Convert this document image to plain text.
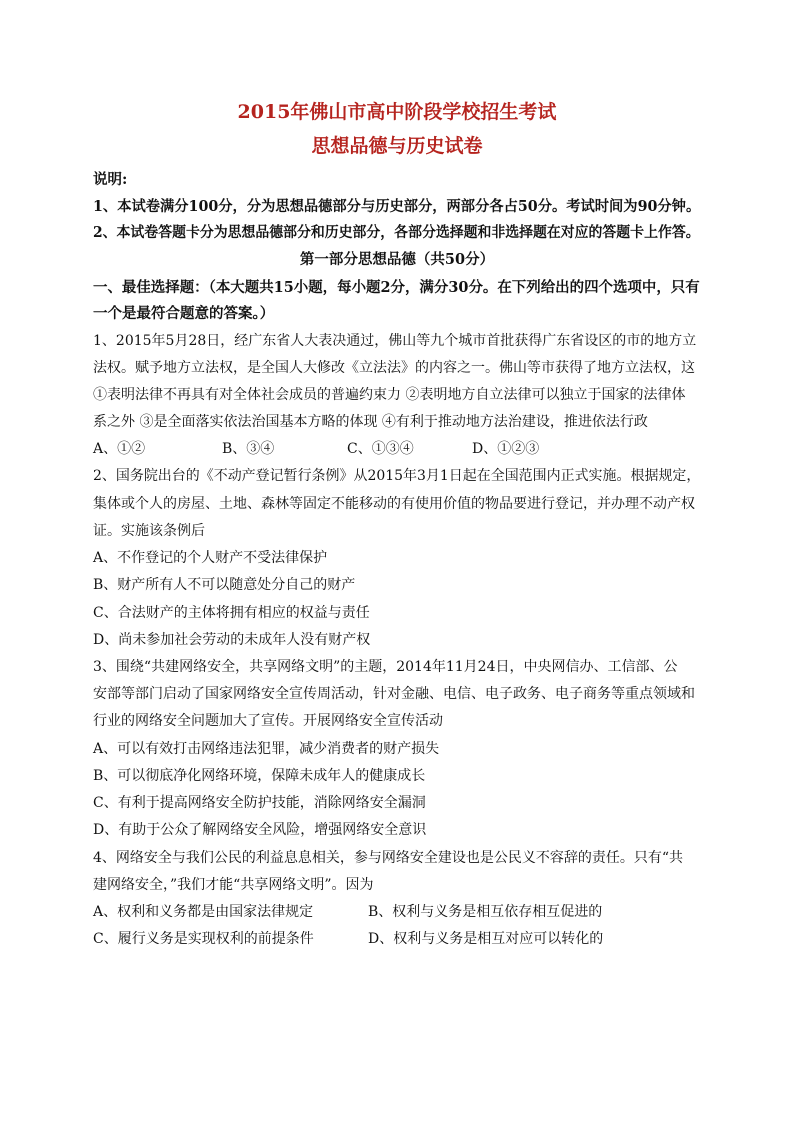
2015年佛山市高中阶段学校招生考试
思想品德与历史试卷
说明:
1、本试卷满分100分，分为思想品德部分与历史部分，两部分各占50分。考试时间为90分钟。
2、本试卷答题卡分为思想品德部分和历史部分，各部分选择题和非选择题在对应的答题卡上作答。
第一部分思想品德（共50分）
一、最佳选择题：（本大题共15小题，每小题2分，满分30分。在下列给出的四个选项中，只有
一个是最符合题意的答案。）
1、2015年5月28日，经广东省人大表决通过，佛山等九个城市首批获得广东省设区的市的地方立
法权。赋予地方立法权，是全国人大修改《立法法》的内容之一。佛山等市获得了地方立法权，这
①表明法律不再具有对全体社会成员的普遍约束力 ②表明地方自立法律可以独立于国家的法律体
系之外 ③是全面落实依法治国基本方略的体现 ④有利于推动地方法治建设，推进依法行政
A、①②	B、③④	C、①③④	D、①②③
2、国务院出台的《不动产登记暂行条例》从2015年3月1日起在全国范围内正式实施。根据规定，
集体或个人的房屋、土地、森林等固定不能移动的有使用价值的物品要进行登记，并办理不动产权
证。实施该条例后
A、不作登记的个人财产不受法律保护
B、财产所有人不可以随意处分自己的财产
C、合法财产的主体将拥有相应的权益与责任
D、尚未参加社会劳动的未成年人没有财产权
3、围绕“共建网络安全，共享网络文明”的主题，2014年11月24日，中央网信办、工信部、公
安部等部门启动了国家网络安全宣传周活动，针对金融、电信、电子政务、电子商务等重点领域和
行业的网络安全问题加大了宣传。开展网络安全宣传活动
A、可以有效打击网络违法犯罪，减少消费者的财产损失
B、可以彻底净化网络环境，保障未成年人的健康成长
C、有利于提高网络安全防护技能，消除网络安全漏洞
D、有助于公众了解网络安全风险，增强网络安全意识
4、网络安全与我们公民的利益息息相关，参与网络安全建设也是公民义不容辞的责任。只有“共
建网络安全，”我们才能“共享网络文明”。因为
A、权利和义务都是由国家法律规定	B、权利与义务是相互依存相互促进的
C、履行义务是实现权利的前提条件	D、权利与义务是相互对应可以转化的
